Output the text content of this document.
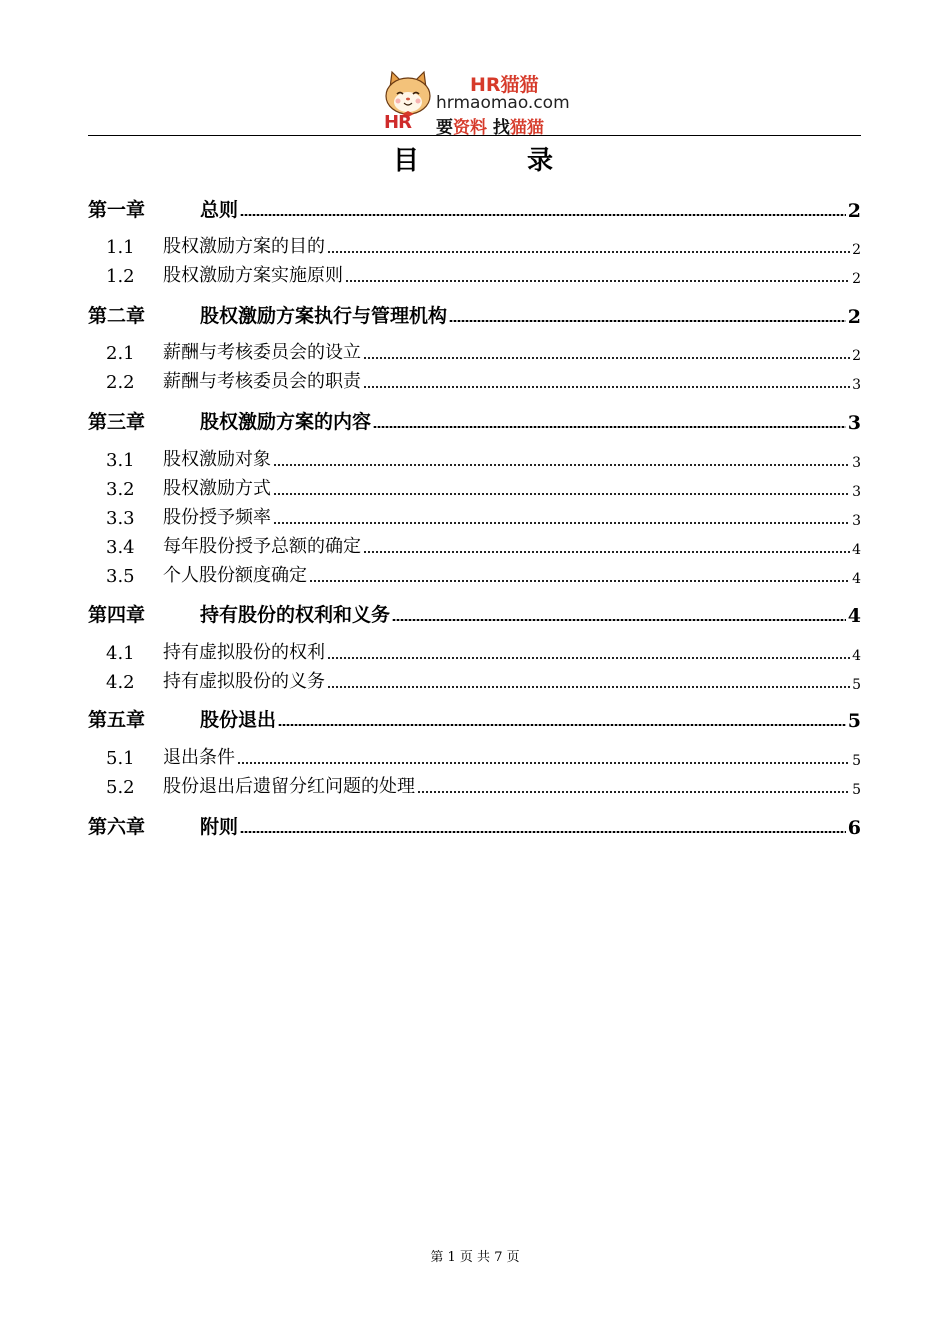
HR
HR猫猫
hrmaomao.com
要资料 找猫猫
目	录
第一章	总则	2
1.1	股权激励方案的目的	2
1.2	股权激励方案实施原则	2
第二章	股权激励方案执行与管理机构	2
2.1	薪酬与考核委员会的设立	2
2.2	薪酬与考核委员会的职责	3
第三章	股权激励方案的内容	3
3.1	股权激励对象	3
3.2	股权激励方式	3
3.3	股份授予频率	3
3.4	每年股份授予总额的确定	4
3.5	个人股份额度确定	4
第四章	持有股份的权利和义务	4
4.1	持有虚拟股份的权利	4
4.2	持有虚拟股份的义务	5
第五章	股份退出	5
5.1	退出条件	5
5.2	股份退出后遗留分红问题的处理	5
第六章	附则	6
第 1 页 共 7 页
